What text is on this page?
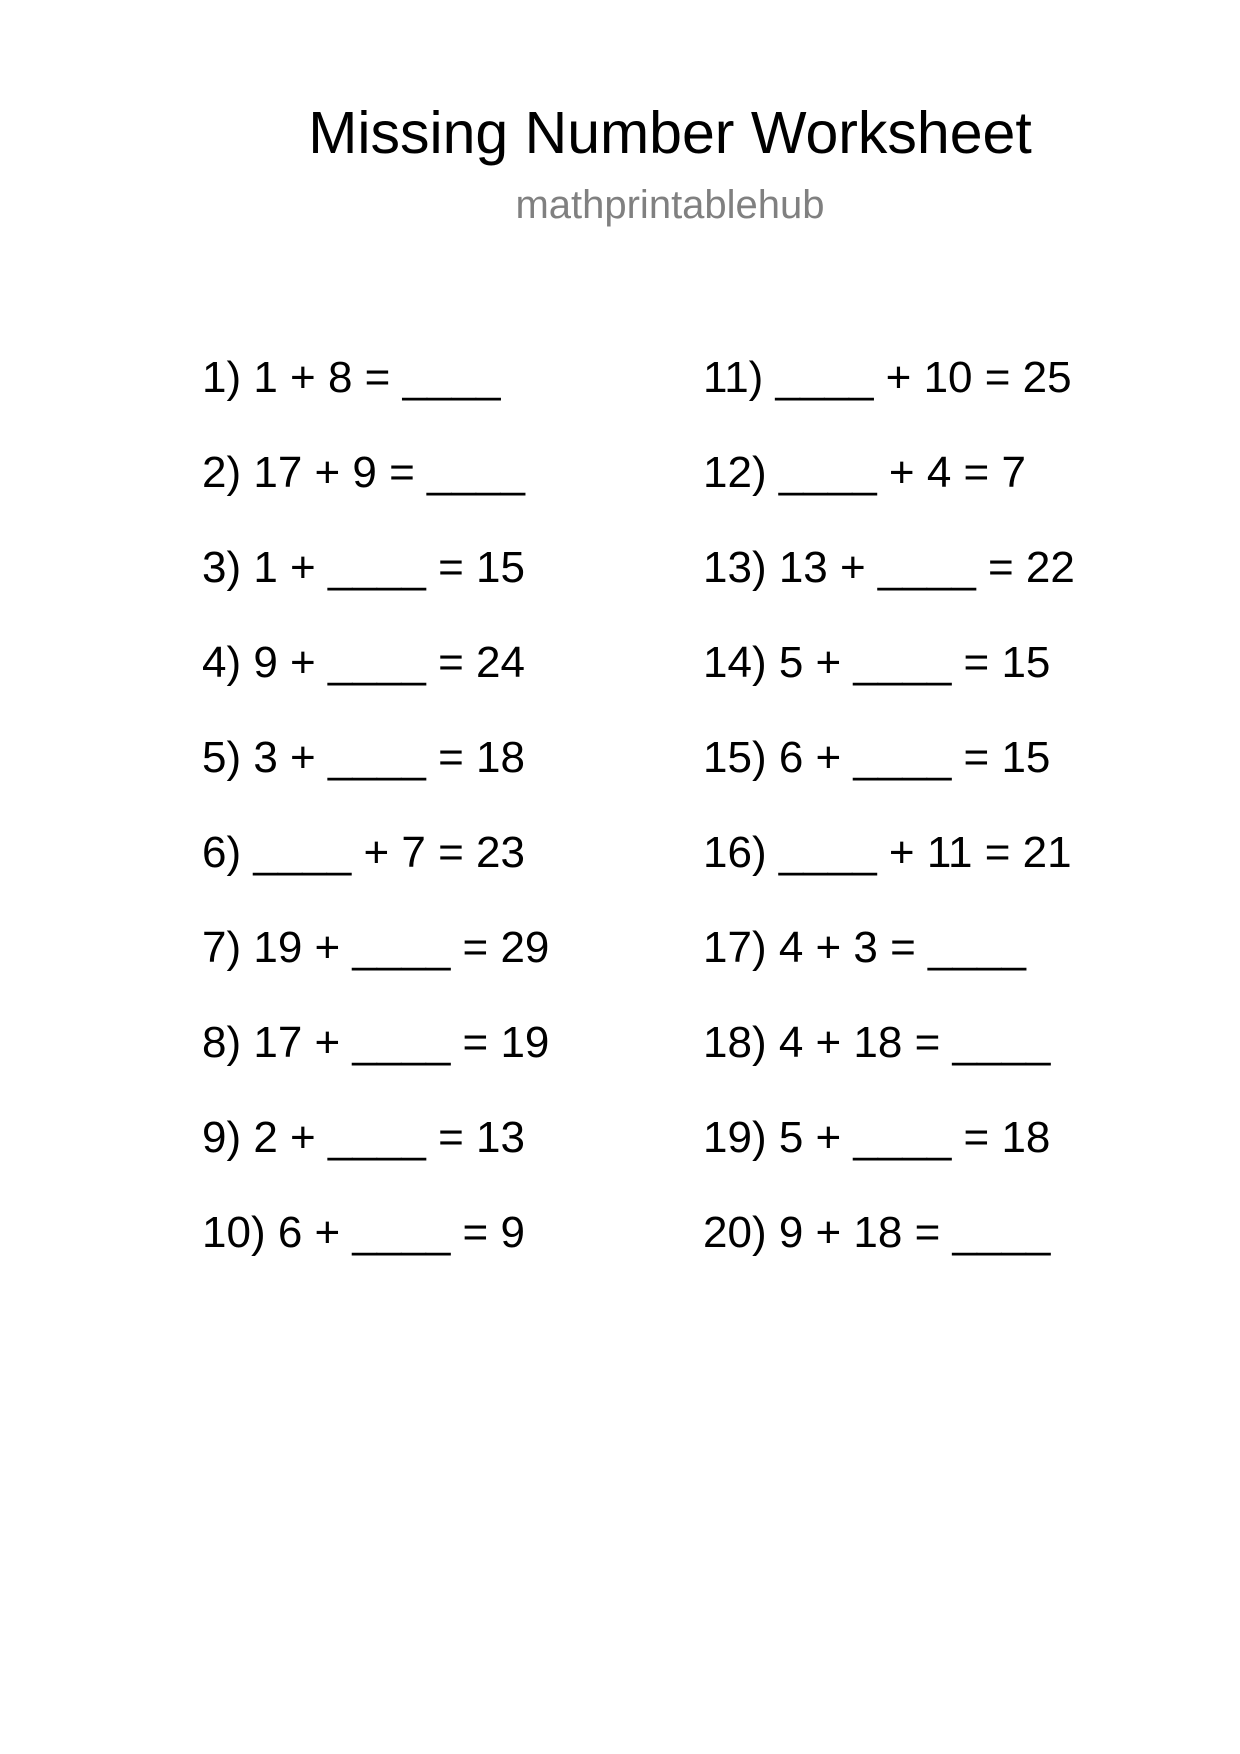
Missing Number Worksheet
mathprintablehub
1) 1 + 8 = ____
2) 17 + 9 = ____
3) 1 + ____ = 15
4) 9 + ____ = 24
5) 3 + ____ = 18
6) ____ + 7 = 23
7) 19 + ____ = 29
8) 17 + ____ = 19
9) 2 + ____ = 13
10) 6 + ____ = 9
11) ____ + 10 = 25
12) ____ + 4 = 7
13) 13 + ____ = 22
14) 5 + ____ = 15
15) 6 + ____ = 15
16) ____ + 11 = 21
17) 4 + 3 = ____
18) 4 + 18 = ____
19) 5 + ____ = 18
20) 9 + 18 = ____
